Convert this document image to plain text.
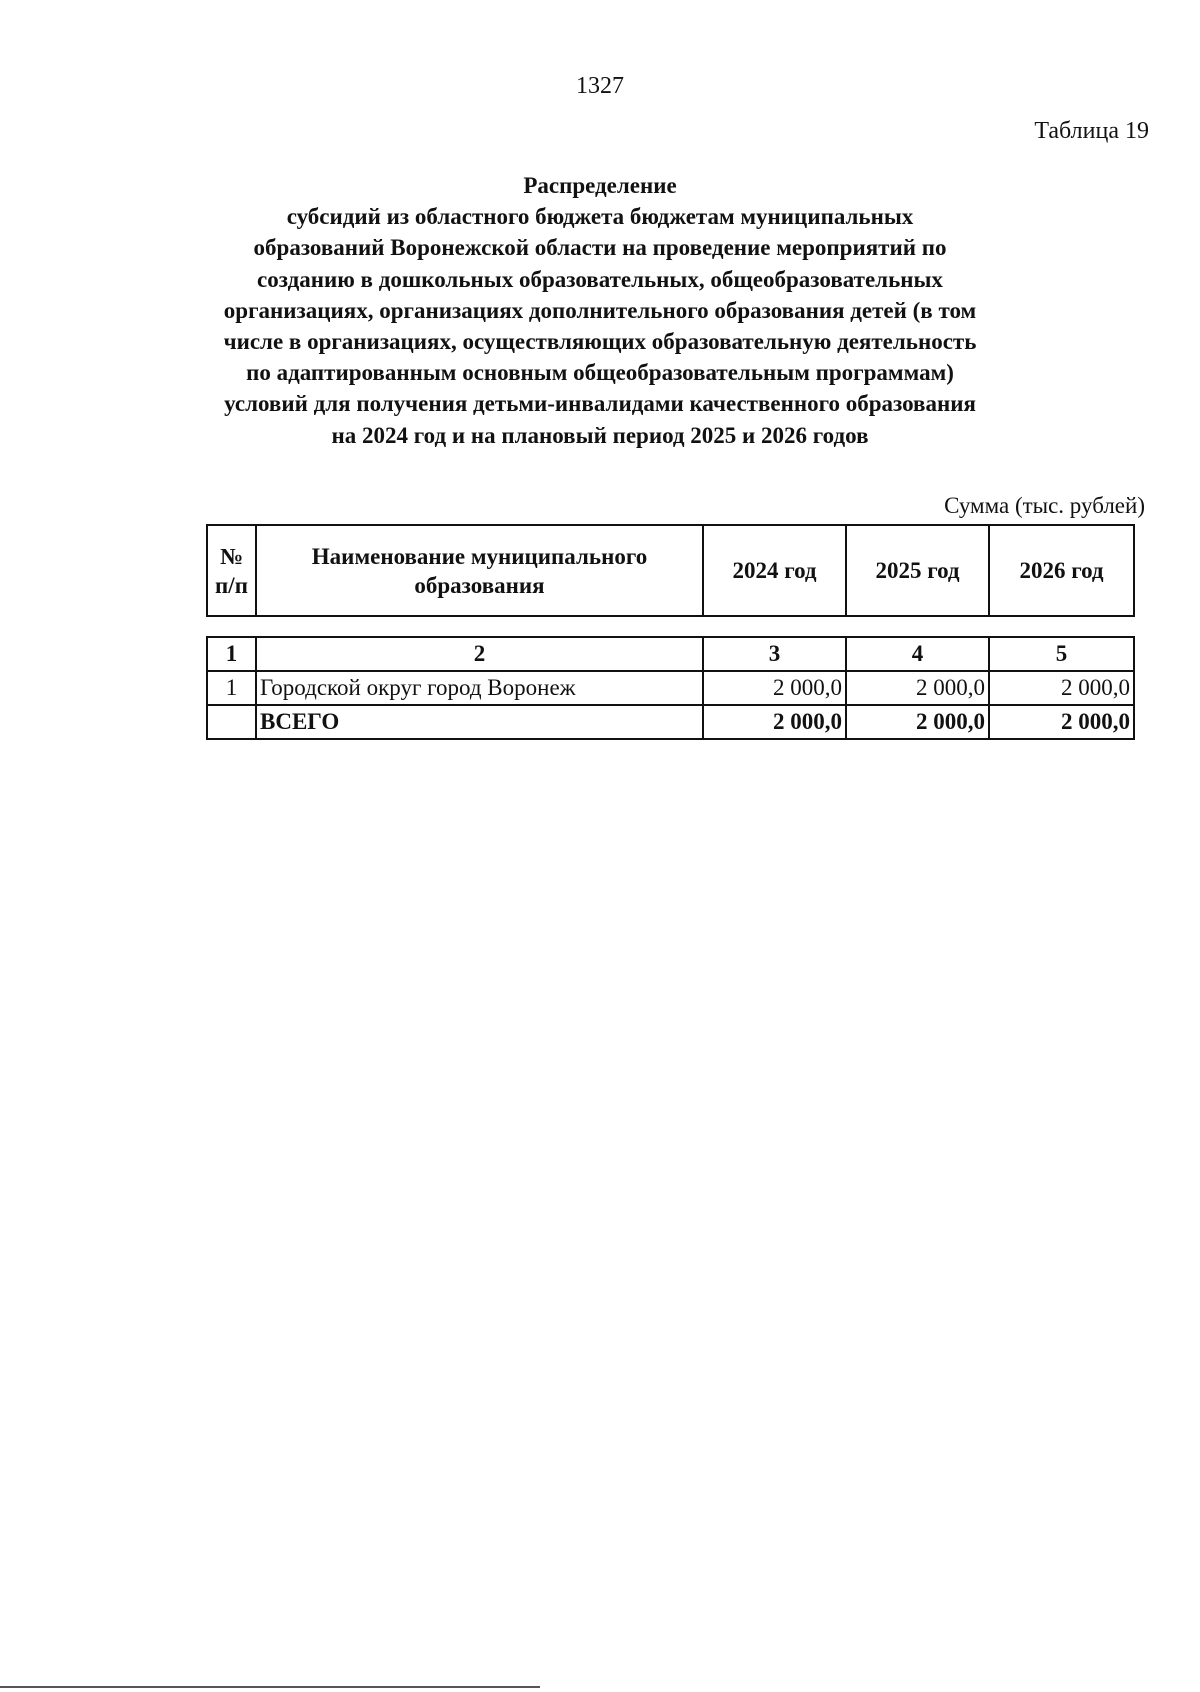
1327
Таблица 19
Распределение
субсидий из областного бюджета бюджетам муниципальных
образований Воронежской области на проведение мероприятий по
созданию в дошкольных образовательных, общеобразовательных
организациях, организациях дополнительного образования детей (в том
числе в организациях, осуществляющих образовательную деятельность
по адаптированным основным общеобразовательным программам)
условий для получения детьми-инвалидами качественного образования
на 2024 год и на плановый период 2025 и 2026 годов
Сумма (тыс. рублей)
№ п/п	Наименование муниципального образования	2024 год	2025 год	2026 год
1	2	3	4	5
1	Городской округ город Воронеж	2 000,0	2 000,0	2 000,0
	ВСЕГО	2 000,0	2 000,0	2 000,0
